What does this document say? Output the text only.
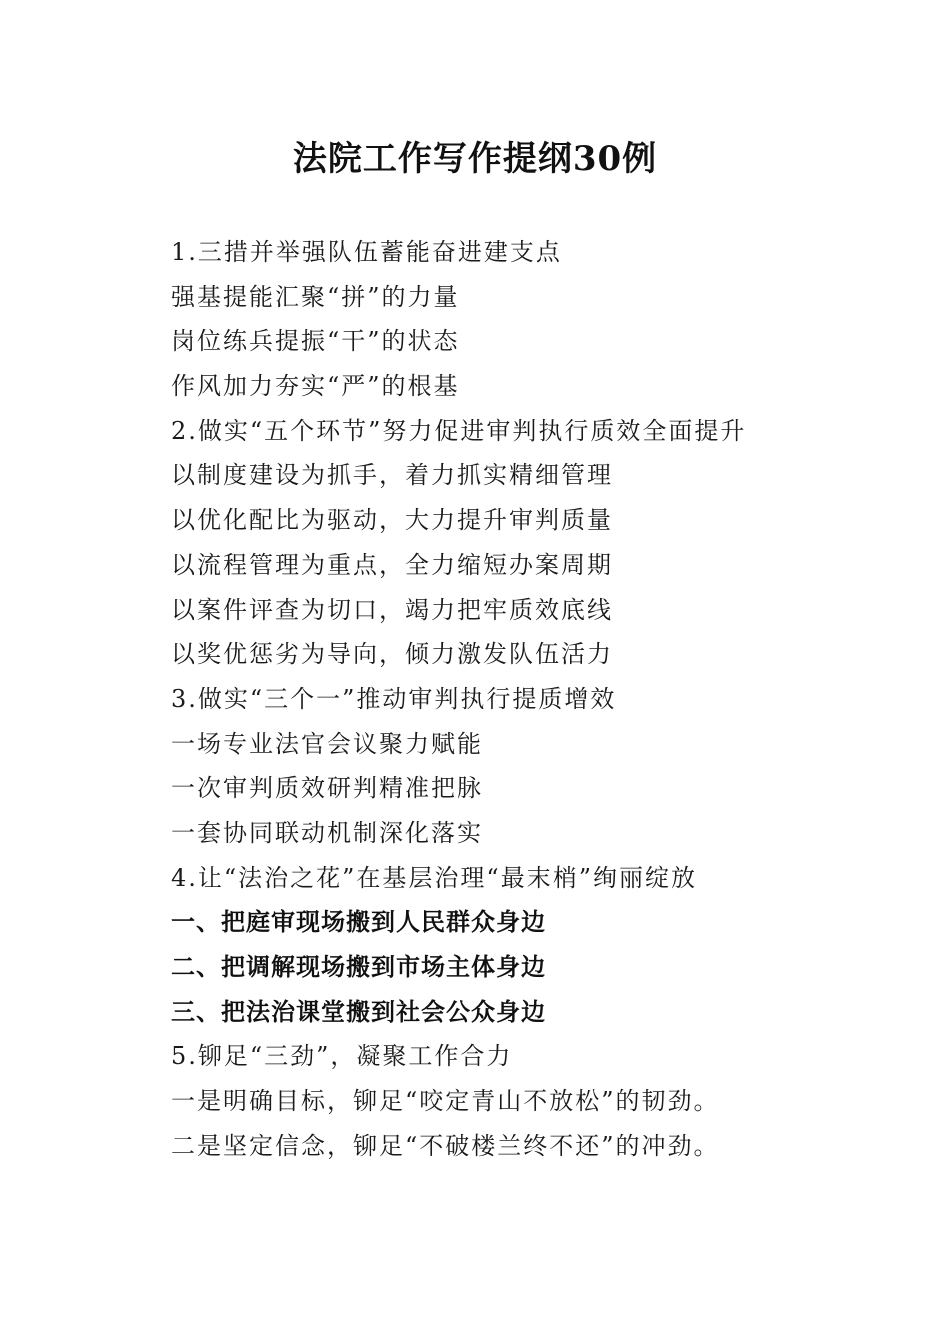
法院工作写作提纲30例
1.三措并举强队伍蓄能奋进建支点
强基提能汇聚“拼”的力量
岗位练兵提振“干”的状态
作风加力夯实“严”的根基
2.做实“五个环节”努力促进审判执行质效全面提升
以制度建设为抓手，着力抓实精细管理
以优化配比为驱动，大力提升审判质量
以流程管理为重点，全力缩短办案周期
以案件评查为切口，竭力把牢质效底线
以奖优惩劣为导向，倾力激发队伍活力
3.做实“三个一”推动审判执行提质增效
一场专业法官会议聚力赋能
一次审判质效研判精准把脉
一套协同联动机制深化落实
4.让“法治之花”在基层治理“最末梢”绚丽绽放
一、把庭审现场搬到人民群众身边
二、把调解现场搬到市场主体身边
三、把法治课堂搬到社会公众身边
5.铆足“三劲”，凝聚工作合力
一是明确目标，铆足“咬定青山不放松”的韧劲。
二是坚定信念，铆足“不破楼兰终不还”的冲劲。
